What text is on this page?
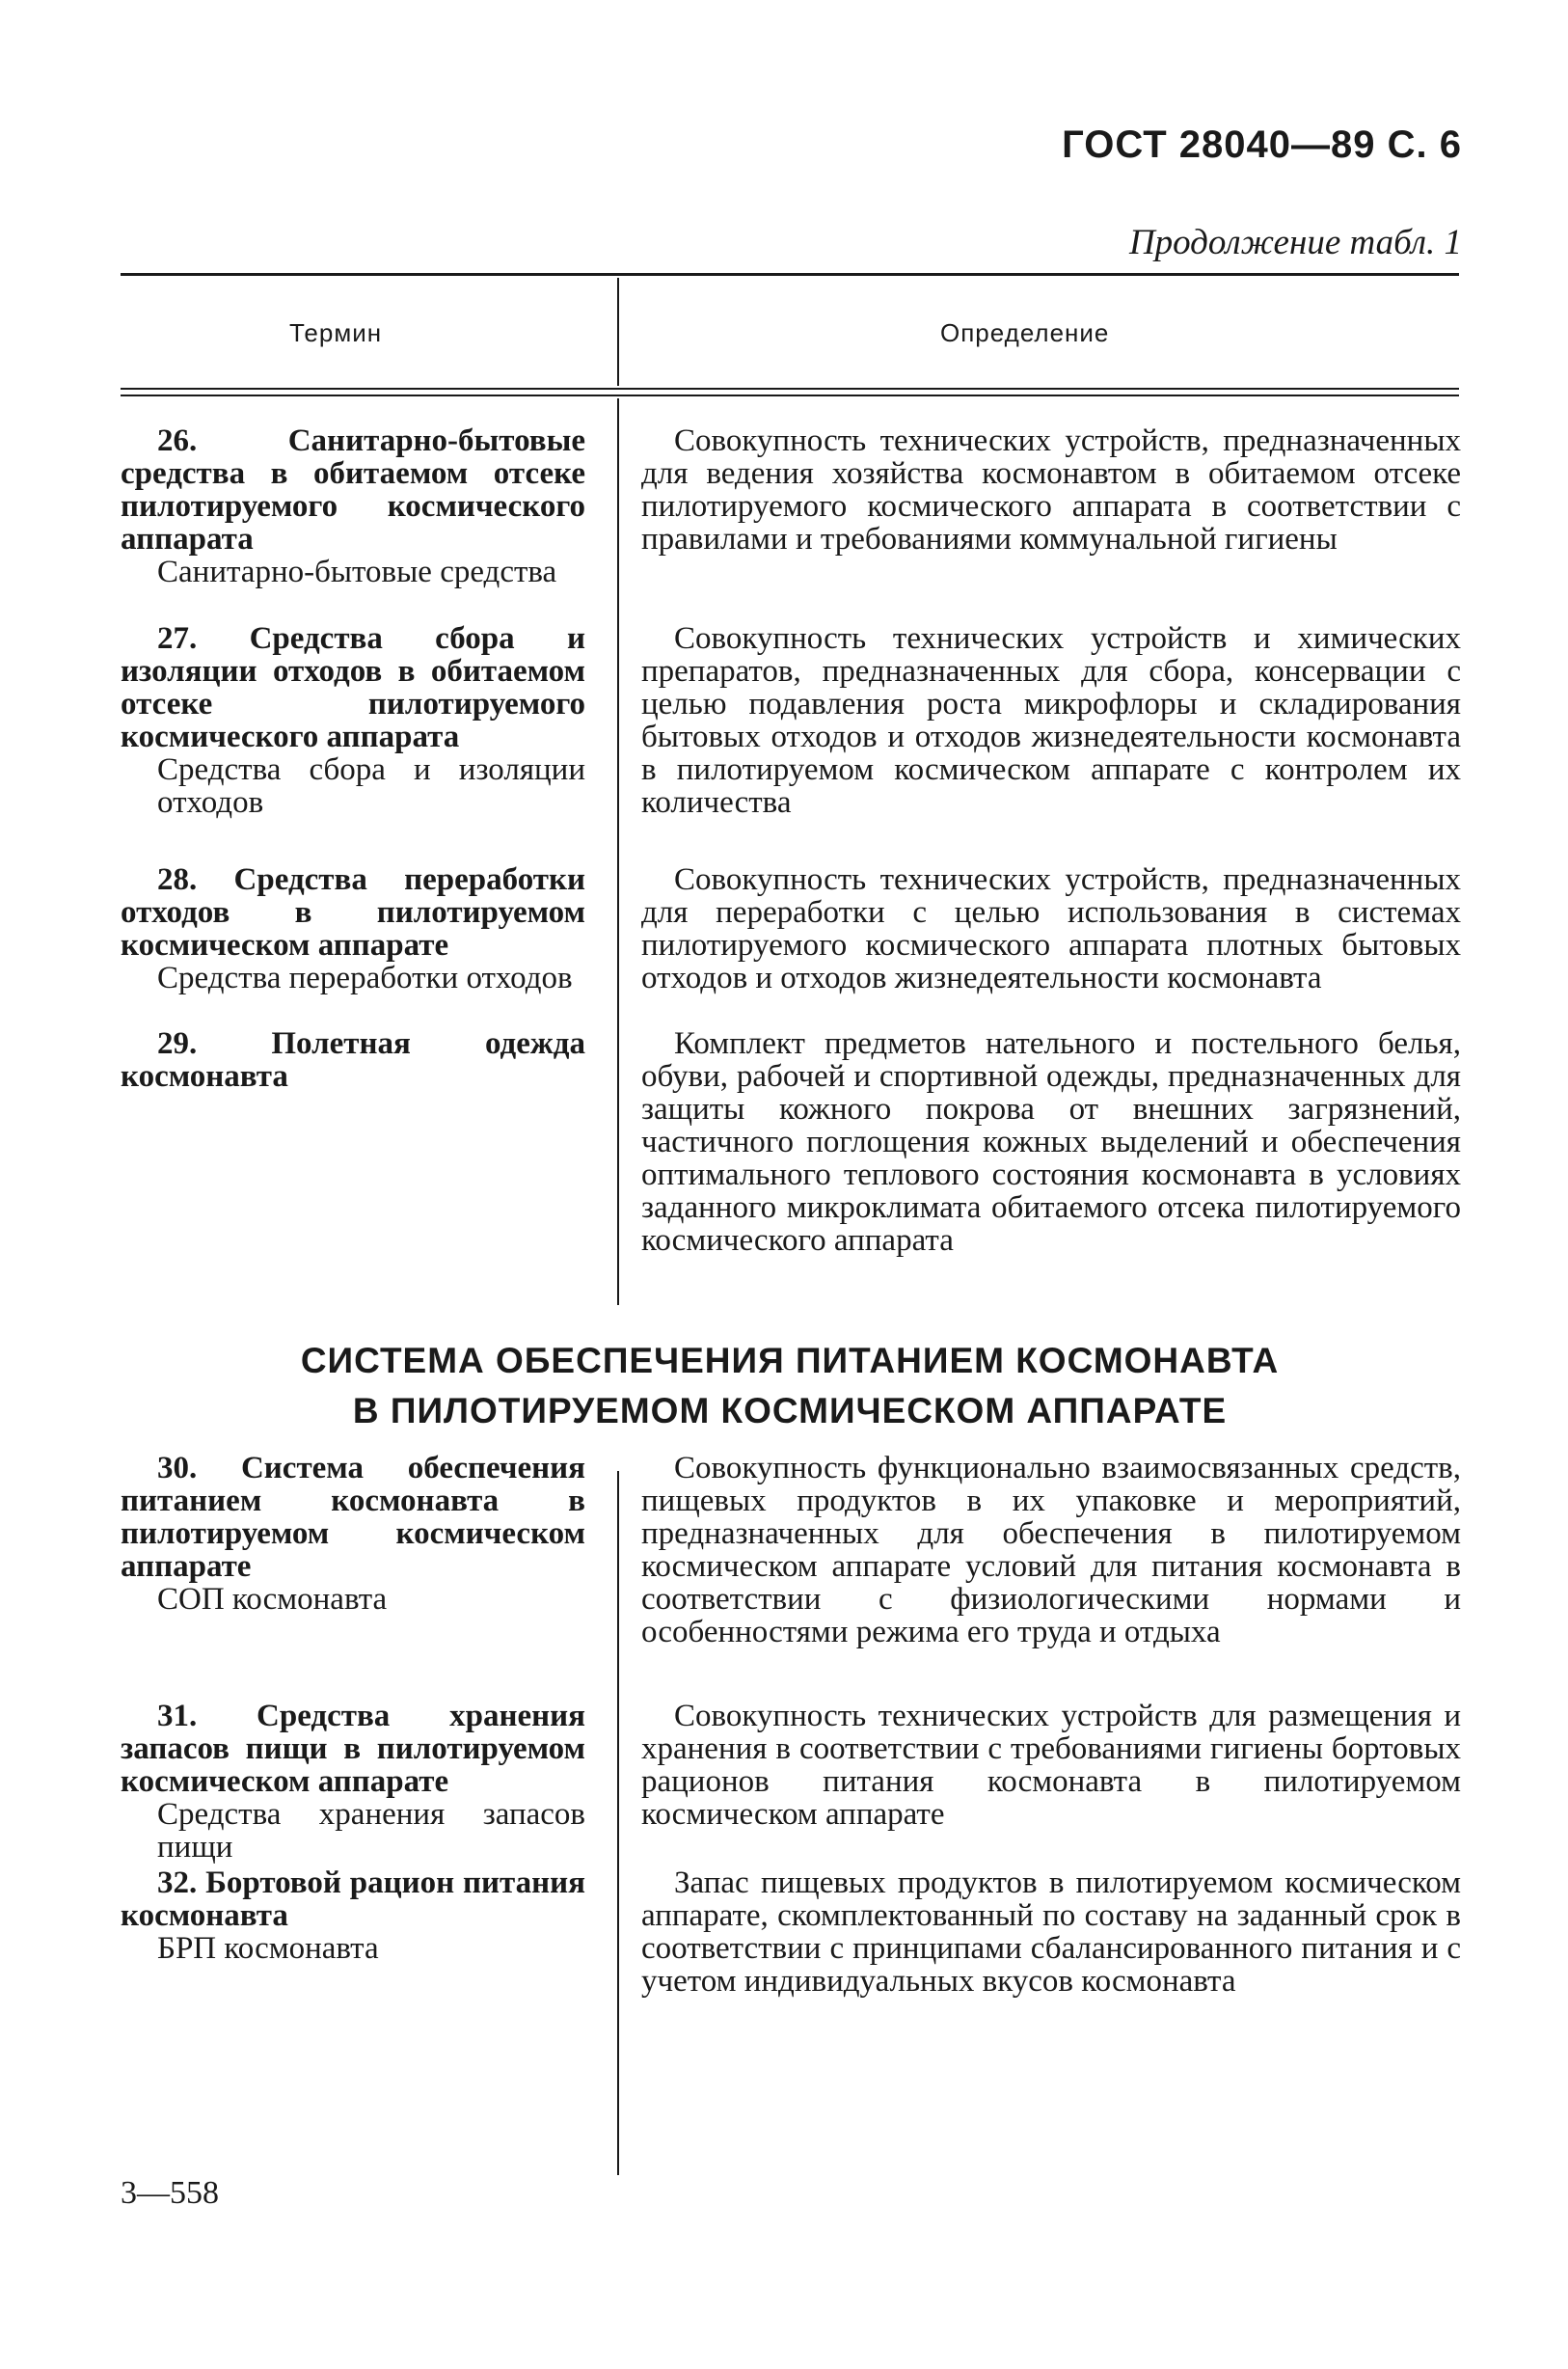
ГОСТ 28040—89 С. 6
Продолжение табл. 1
Термин	Определение

26. Санитарно-бытовые средства в обитаемом отсеке пилотируемого космического аппарата

Санитарно-бытовые средства

Совокупность технических устройств, предназначенных для ведения хозяйства космонавтом в обитаемом отсеке пилотируемого космического аппарата в соответствии с правилами и требованиями коммунальной гигиены

27. Средства сбора и изоляции отходов в обитаемом отсеке пилотируемого космического аппарата

Средства сбора и изоляции отходов

Совокупность технических устройств и химических препаратов, предназначенных для сбора, консервации с целью подавления роста микрофлоры и складирования бытовых отходов и отходов жизнедеятельности космонавта в пилотируемом космическом аппарате с контролем их количества

28. Средства переработки отходов в пилотируемом космическом аппарате

Средства переработки отходов

Совокупность технических устройств, предназначенных для переработки с целью использования в системах пилотируемого космического аппарата плотных бытовых отходов и отходов жизнедеятельности космонавта

29. Полетная одежда космонавта

Комплект предметов нательного и постельного белья, обуви, рабочей и спортивной одежды, предназначенных для защиты кожного покрова от внешних загрязнений, частичного поглощения кожных выделений и обеспечения оптимального теплового состояния космонавта в условиях заданного микроклимата обитаемого отсека пилотируемого космического аппарата

СИСТЕМА ОБЕСПЕЧЕНИЯ ПИТАНИЕМ КОСМОНАВТА
В ПИЛОТИРУЕМОМ КОСМИЧЕСКОМ АППАРАТЕ

30. Система обеспечения питанием космонавта в пилотируемом космическом аппарате

СОП космонавта

Совокупность функционально взаимосвязанных средств, пищевых продуктов в их упаковке и мероприятий, предназначенных для обеспечения в пилотируемом космическом аппарате условий для питания космонавта в соответствии с физиологическими нормами и особенностями режима его труда и отдыха

31. Средства хранения запасов пищи в пилотируемом космическом аппарате

Средства хранения запасов пищи

Совокупность технических устройств для размещения и хранения в соответствии с требованиями гигиены бортовых рационов питания космонавта в пилотируемом космическом аппарате

32. Бортовой рацион питания космонавта

БРП космонавта

Запас пищевых продуктов в пилотируемом космическом аппарате, скомплектованный по составу на заданный срок в соответствии с принципами сбалансированного питания и с учетом индивидуальных вкусов космонавта

3—558
